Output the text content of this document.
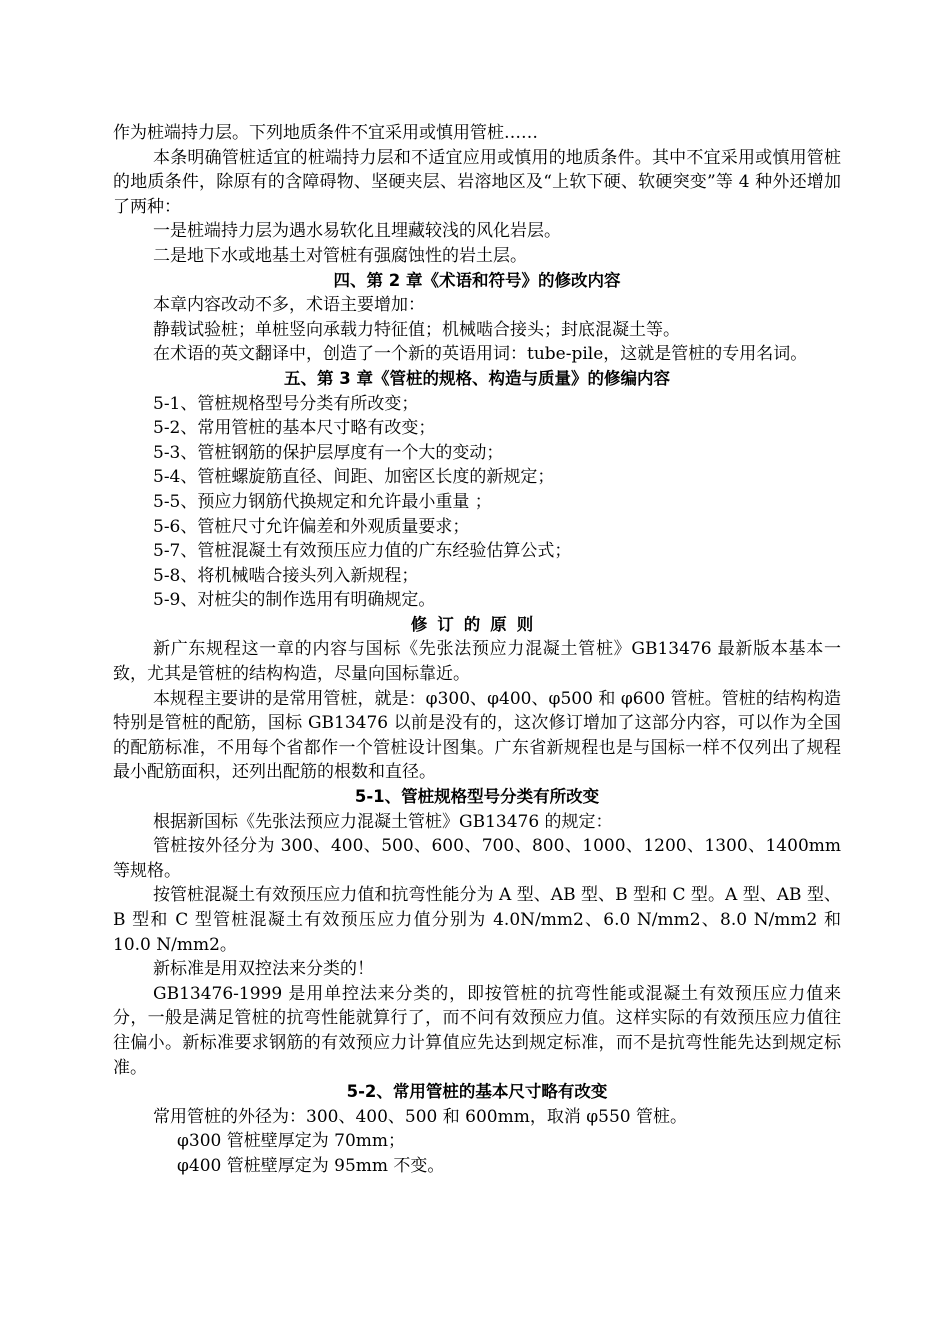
作为桩端持力层。下列地质条件不宜采用或慎用管桩……

本条明确管桩适宜的桩端持力层和不适宜应用或慎用的地质条件。其中不宜采用或慎用管桩的地质条件，除原有的含障碍物、坚硬夹层、岩溶地区及“上软下硬、软硬突变”等 4 种外还增加了两种：

一是桩端持力层为遇水易软化且埋藏较浅的风化岩层。

二是地下水或地基土对管桩有强腐蚀性的岩土层。

四、第 2 章《术语和符号》的修改内容

本章内容改动不多，术语主要增加：

静载试验桩；单桩竖向承载力特征值；机械啮合接头；封底混凝土等。

在术语的英文翻译中，创造了一个新的英语用词：tube-pile，这就是管桩的专用名词。

五、第 3 章《管桩的规格、构造与质量》的修编内容

5-1、管桩规格型号分类有所改变；

5-2、常用管桩的基本尺寸略有改变；

5-3、管桩钢筋的保护层厚度有一个大的变动；

5-4、管桩螺旋筋直径、间距、加密区长度的新规定；

5-5、预应力钢筋代换规定和允许最小重量 ；

5-6、管桩尺寸允许偏差和外观质量要求；

5-7、管桩混凝土有效预压应力值的广东经验估算公式；

5-8、将机械啮合接头列入新规程；

5-9、对桩尖的制作选用有明确规定。

修订的原则

新广东规程这一章的内容与国标《先张法预应力混凝土管桩》GB13476 最新版本基本一致，尤其是管桩的结构构造，尽量向国标靠近。

本规程主要讲的是常用管桩，就是：φ300、φ400、φ500 和 φ600 管桩。管桩的结构构造特别是管桩的配筋，国标 GB13476 以前是没有的，这次修订增加了这部分内容，可以作为全国的配筋标准，不用每个省都作一个管桩设计图集。广东省新规程也是与国标一样不仅列出了规程最小配筋面积，还列出配筋的根数和直径。

5-1、管桩规格型号分类有所改变

根据新国标《先张法预应力混凝土管桩》GB13476 的规定：

管桩按外径分为 300、400、500、600、700、800、1000、1200、1300、1400mm 等规格。

按管桩混凝土有效预压应力值和抗弯性能分为 A 型、AB 型、B 型和 C 型。A 型、AB 型、B 型和 C 型管桩混凝土有效预压应力值分别为 4.0N/mm2、6.0 N/mm2、8.0 N/mm2 和 10.0 N/mm2。

新标准是用双控法来分类的！

GB13476-1999 是用单控法来分类的，即按管桩的抗弯性能或混凝土有效预压应力值来分，一般是满足管桩的抗弯性能就算行了，而不问有效预应力值。这样实际的有效预压应力值往往偏小。新标准要求钢筋的有效预应力计算值应先达到规定标准，而不是抗弯性能先达到规定标准。

5-2、常用管桩的基本尺寸略有改变

常用管桩的外径为：300、400、500 和 600mm，取消 φ550 管桩。

φ300 管桩壁厚定为 70mm；

φ400 管桩壁厚定为 95mm 不变。
